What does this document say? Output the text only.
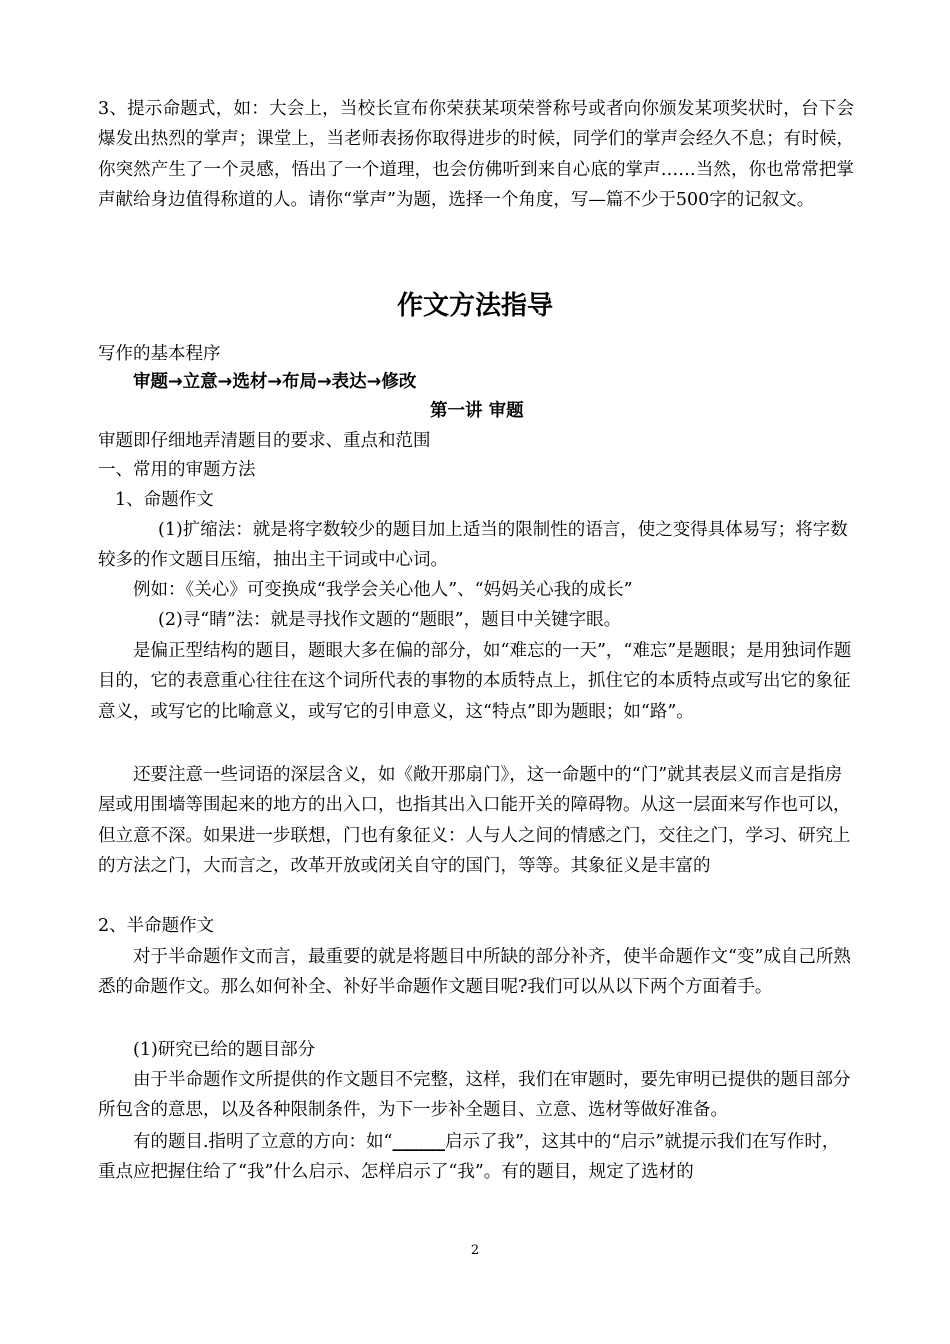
3、提示命题式，如：大会上，当校长宣布你荣获某项荣誉称号或者向你颁发某项奖状时，台下会爆发出热烈的掌声；课堂上，当老师表扬你取得进步的时候，同学们的掌声会经久不息；有时候，你突然产生了一个灵感，悟出了一个道理，也会仿佛听到来自心底的掌声……当然，你也常常把掌声献给身边值得称道的人。请你“掌声”为题，选择一个角度，写—篇不少于500字的记叙文。

作文方法指导

写作的基本程序

审题→立意→选材→布局→表达→修改

第一讲 审题

审题即仔细地弄清题目的要求、重点和范围

一、常用的审题方法

1、命题作文

(1)扩缩法：就是将字数较少的题目加上适当的限制性的语言，使之变得具体易写；将字数较多的作文题目压缩，抽出主干词或中心词。

例如：《关心》可变换成“我学会关心他人”、“妈妈关心我的成长”

(2)寻“睛”法：就是寻找作文题的“题眼”，题目中关键字眼。

是偏正型结构的题目，题眼大多在偏的部分，如“难忘的一天”，“难忘”是题眼；是用独词作题目的，它的表意重心往往在这个词所代表的事物的本质特点上，抓住它的本质特点或写出它的象征意义，或写它的比喻意义，或写它的引申意义，这“特点”即为题眼；如“路”。

还要注意一些词语的深层含义，如《敞开那扇门》，这一命题中的“门”就其表层义而言是指房屋或用围墙等围起来的地方的出入口，也指其出入口能开关的障碍物。从这一层面来写作也可以，但立意不深。如果进一步联想，门也有象征义：人与人之间的情感之门，交往之门，学习、研究上的方法之门，大而言之，改革开放或闭关自守的国门，等等。其象征义是丰富的

2、半命题作文

对于半命题作文而言，最重要的就是将题目中所缺的部分补齐，使半命题作文“变”成自己所熟悉的命题作文。那么如何补全、补好半命题作文题目呢?我们可以从以下两个方面着手。

(1)研究已给的题目部分

由于半命题作文所提供的作文题目不完整，这样，我们在审题时，要先审明已提供的题目部分所包含的意思，以及各种限制条件，为下一步补全题目、立意、选材等做好准备。

有的题目.指明了立意的方向：如“______启示了我”，这其中的“启示”就提示我们在写作时，重点应把握住给了“我”什么启示、怎样启示了“我”。有的题目，规定了选材的

2
